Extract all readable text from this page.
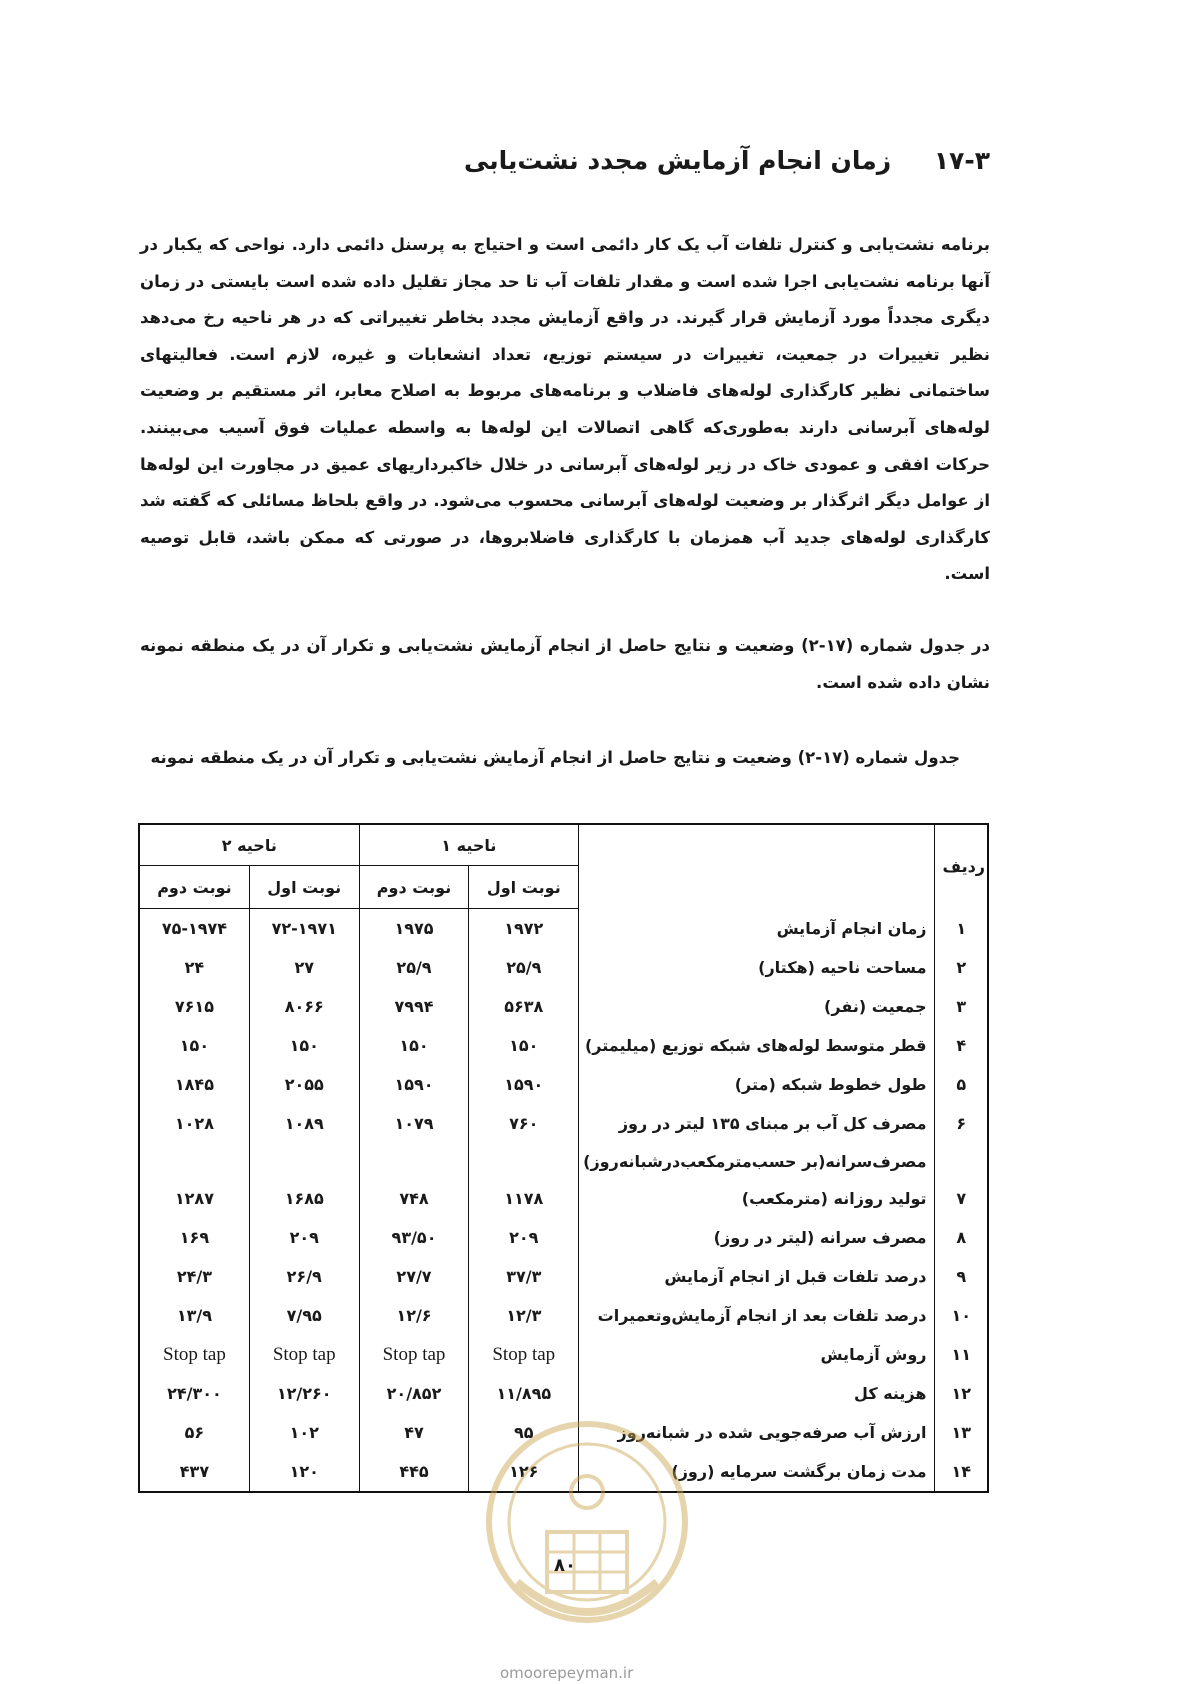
۱۷-۳ زمان انجام آزمایش مجدد نشت‌یابی
برنامه نشت‌یابی و کنترل تلفات آب یک کار دائمی است و احتیاج به پرسنل دائمی دارد. نواحی که یکبار در آنها برنامه نشت‌یابی اجرا شده است و مقدار تلفات آب تا حد مجاز تقلیل داده شده است بایستی در زمان دیگری مجدداً مورد آزمایش قرار گیرند. در واقع آزمایش مجدد بخاطر تغییراتی که در هر ناحیه رخ می‌دهد نظیر تغییرات در جمعیت، تغییرات در سیستم توزیع، تعداد انشعابات و غیره، لازم است. فعالیتهای ساختمانی نظیر کارگذاری لوله‌های فاضلاب و برنامه‌های مربوط به اصلاح معابر، اثر مستقیم بر وضعیت لوله‌های آبرسانی دارند به‌طوری‌که گاهی اتصالات این لوله‌ها به واسطه عملیات فوق آسیب می‌بینند. حرکات افقی و عمودی خاک در زیر لوله‌های آبرسانی در خلال خاکبرداریهای عمیق در مجاورت این لوله‌ها از عوامل دیگر اثرگذار بر وضعیت لوله‌های آبرسانی محسوب می‌شود. در واقع بلحاظ مسائلی که گفته شد کارگذاری لوله‌های جدید آب همزمان با کارگذاری فاضلابروها، در صورتی که ممکن باشد، قابل توصیه است.
در جدول شماره (۱۷-۲) وضعیت و نتایج حاصل از انجام آزمایش نشت‌یابی و تکرار آن در یک منطقه نمونه نشان داده شده است.
جدول شماره (۱۷-۲) وضعیت و نتایج حاصل از انجام آزمایش نشت‌یابی و تکرار آن در یک منطقه نمونه
ردیف		ناحیه ۱		ناحیه ۲	
		نوبت اول	نوبت دوم	نوبت اول	نوبت دوم
۱	زمان انجام آزمایش	۱۹۷۲	۱۹۷۵	۷۲-۱۹۷۱	۷۵-۱۹۷۴
۲	مساحت ناحیه (هکتار)	۲۵/۹	۲۵/۹	۲۷	۲۴
۳	جمعیت (نفر)	۵۶۳۸	۷۹۹۴	۸۰۶۶	۷۶۱۵
۴	قطر متوسط لوله‌های شبکه توزیع (میلیمتر)	۱۵۰	۱۵۰	۱۵۰	۱۵۰
۵	طول خطوط شبکه (متر)	۱۵۹۰	۱۵۹۰	۲۰۵۵	۱۸۴۵
۶	مصرف کل آب بر مبنای ۱۳۵ لیتر در روز	۷۶۰	۱۰۷۹	۱۰۸۹	۱۰۲۸
	مصرف‌سرانه(بر حسب‌مترمکعب‌درشبانه‌روز)				
۷	تولید روزانه (مترمکعب)	۱۱۷۸	۷۴۸	۱۶۸۵	۱۲۸۷
۸	مصرف سرانه (لیتر در روز)	۲۰۹	۹۳/۵۰	۲۰۹	۱۶۹
۹	درصد تلفات قبل از انجام آزمایش	۳۷/۳	۲۷/۷	۲۶/۹	۲۴/۳
۱۰	درصد تلفات بعد از انجام آزمایش‌وتعمیرات	۱۲/۳	۱۲/۶	۷/۹۵	۱۳/۹
۱۱	روش آزمایش	Stop tap	Stop tap	Stop tap	Stop tap
۱۲	هزینه کل	۱۱/۸۹۵	۲۰/۸۵۲	۱۲/۲۶۰	۲۴/۳۰۰
۱۳	ارزش آب صرفه‌جویی شده در شبانه‌روز	۹۵	۴۷	۱۰۲	۵۶
۱۴	مدت زمان برگشت سرمایه (روز)	۱۲۶	۴۴۵	۱۲۰	۴۳۷
۸۰
omoorepeyman.ir
